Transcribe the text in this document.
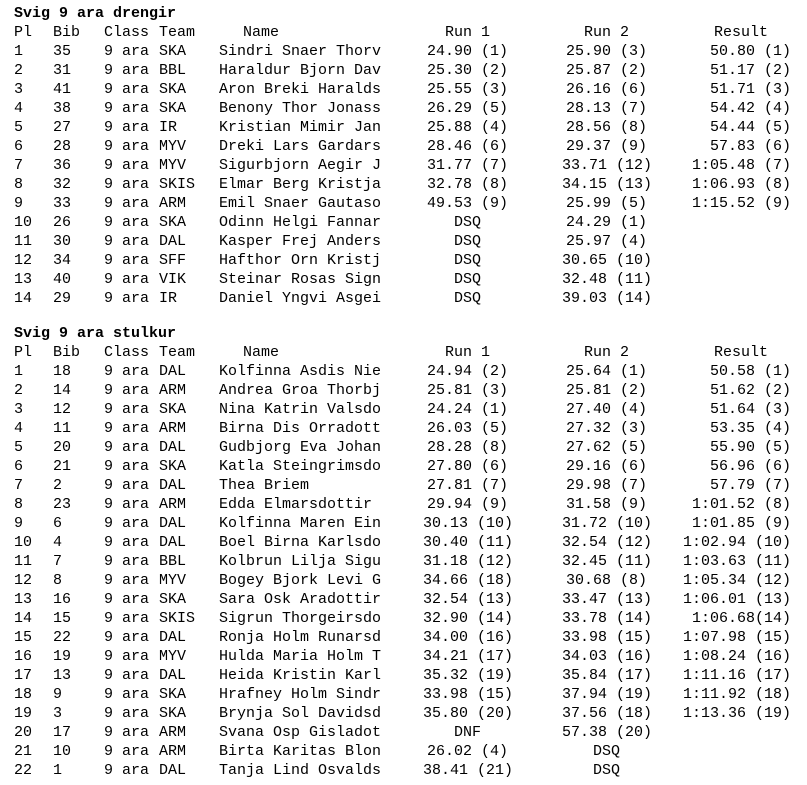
Svig 9 ara drengir
Pl Bib Class Team	Name	Run 1	Run 2	Result
1 35 9 ara SKA Sindri Snaer Thorv	24.90 (1)	25.90 (3)	50.80 (1)
2 31 9 ara BBL Haraldur Bjorn Dav	25.30 (2)	25.87 (2)	51.17 (2)
3 41 9 ara SKA Aron Breki Haralds	25.55 (3)	26.16 (6)	51.71 (3)
4 38 9 ara SKA Benony Thor Jonass	26.29 (5)	28.13 (7)	54.42 (4)
5 27 9 ara IR	Kristian Mimir Jan	25.88 (4)	28.56 (8)	54.44 (5)
6 28 9 ara MYV Dreki Lars Gardars	28.46 (6)	29.37 (9)	57.83 (6)
7 36 9 ara MYV Sigurbjorn Aegir J	31.77 (7)	33.71 (12)	1:05.48 (7)
8 32 9 ara SKIS Elmar Berg Kristja	32.78 (8)	34.15 (13)	1:06.93 (8)
9 33 9 ara ARM Emil Snaer Gautaso	49.53 (9)	25.99 (5)	1:15.52 (9)
10 26 9 ara SKA Odinn Helgi Fannar	DSQ	24.29 (1)
11 30 9 ara DAL Kasper Frej Anders	DSQ	25.97 (4)
12 34 9 ara SFF Hafthor Orn Kristj	DSQ	30.65 (10)
13 40 9 ara VIK Steinar Rosas Sign	DSQ	32.48 (11)
14 29 9 ara IR	Daniel Yngvi Asgei	DSQ	39.03 (14)
Svig 9 ara stulkur
Pl Bib Class Team	Name	Run 1	Run 2	Result
1 18 9 ara DAL Kolfinna Asdis Nie	24.94 (2)	25.64 (1)	50.58 (1)
2 14 9 ara ARM Andrea Groa Thorbj	25.81 (3)	25.81 (2)	51.62 (2)
3 12 9 ara SKA Nina Katrin Valsdo	24.24 (1)	27.40 (4)	51.64 (3)
4 11 9 ara ARM Birna Dis Orradott	26.03 (5)	27.32 (3)	53.35 (4)
5 20 9 ara DAL Gudbjorg Eva Johan	28.28 (8)	27.62 (5)	55.90 (5)
6 21 9 ara SKA Katla Steingrimsdo	27.80 (6)	29.16 (6)	56.96 (6)
7 2	9 ara DAL Thea Briem	27.81 (7)	29.98 (7)	57.79 (7)
8 23 9 ara ARM Edda Elmarsdottir	29.94 (9)	31.58 (9)	1:01.52 (8)
9 6	9 ara DAL Kolfinna Maren Ein	30.13 (10)	31.72 (10)	1:01.85 (9)
10 4	9 ara DAL Boel Birna Karlsdo	30.40 (11)	32.54 (12) 1:02.94 (10)
11 7	9 ara BBL Kolbrun Lilja Sigu	31.18 (12)	32.45 (11) 1:03.63 (11)
12 8	9 ara MYV Bogey Bjork Levi G	34.66 (18)	30.68 (8) 1:05.34 (12)
13 16 9 ara SKA Sara Osk Aradottir	32.54 (13)	33.47 (13) 1:06.01 (13)
14 15 9 ara SKIS Sigrun Thorgeirsdo	32.90 (14)	33.78 (14)	1:06.68(14)
15 22 9 ara DAL Ronja Holm Runarsd	34.00 (16)	33.98 (15) 1:07.98 (15)
16 19 9 ara MYV Hulda Maria Holm T	34.21 (17)	34.03 (16) 1:08.24 (16)
17 13 9 ara DAL Heida Kristin Karl	35.32 (19)	35.84 (17) 1:11.16 (17)
18 9	9 ara SKA Hrafney Holm Sindr	33.98 (15)	37.94 (19) 1:11.92 (18)
19 3	9 ara SKA Brynja Sol Davidsd	35.80 (20)	37.56 (18) 1:13.36 (19)
20 17 9 ara ARM Svana Osp Gisladot	DNF	57.38 (20)
21 10 9 ara ARM Birta Karitas Blon	26.02 (4)	DSQ
22 1	9 ara DAL Tanja Lind Osvalds	38.41 (21)	DSQ
